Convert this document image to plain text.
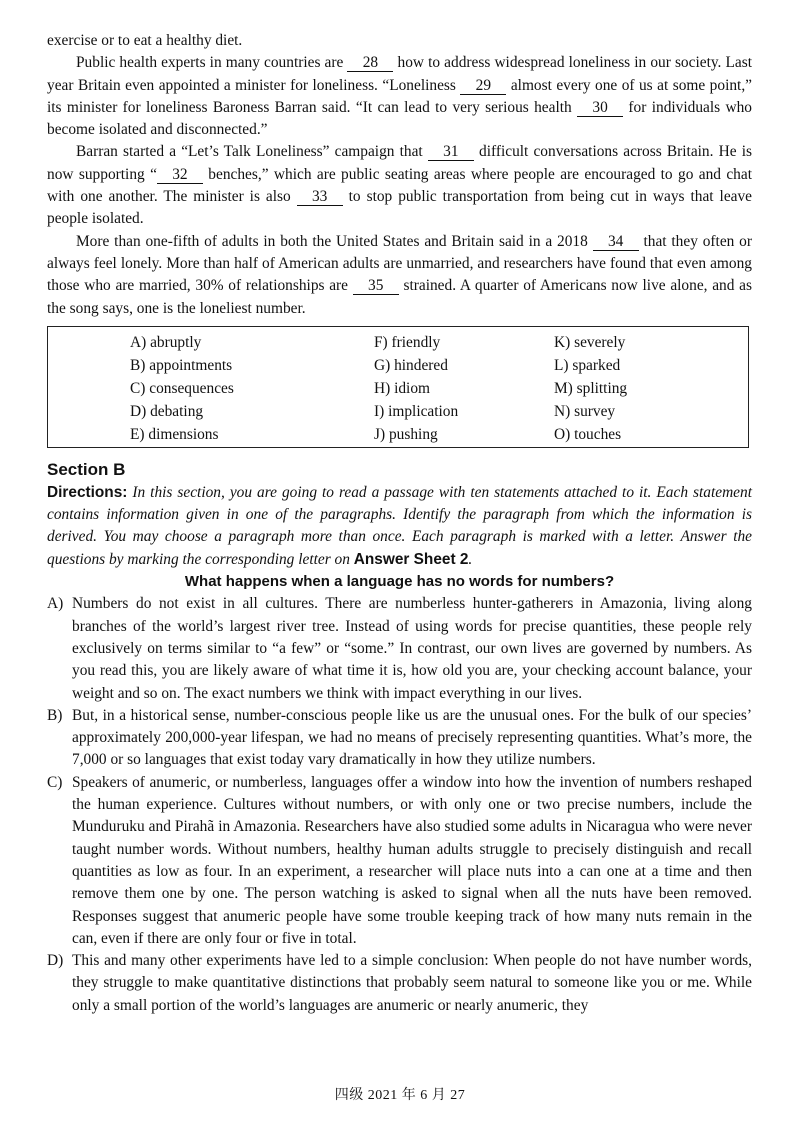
exercise or to eat a healthy diet.

Public health experts in many countries are 28 how to address widespread loneliness in our society. Last year Britain even appointed a minister for loneliness. “Loneliness 29 almost every one of us at some point,” its minister for loneliness Baroness Barran said. “It can lead to very serious health 30 for individuals who become isolated and disconnected.”

Barran started a “Let’s Talk Loneliness” campaign that 31 difficult conversations across Britain. He is now supporting “ 32 benches,” which are public seating areas where people are encouraged to go and chat with one another. The minister is also 33 to stop public transportation from being cut in ways that leave people isolated.

More than one-fifth of adults in both the United States and Britain said in a 2018 34 that they often or always feel lonely. More than half of American adults are unmarried, and researchers have found that even among those who are married, 30% of relationships are 35 strained. A quarter of Americans now live alone, and as the song says, one is the loneliest number.

A) abruptly
B) appointments
C) consequences
D) debating
E) dimensions
F) friendly
G) hindered
H) idiom
I) implication
J) pushing
K) severely
L) sparked
M) splitting
N) survey
O) touches
Section B

Directions: In this section, you are going to read a passage with ten statements attached to it. Each statement contains information given in one of the paragraphs. Identify the paragraph from which the information is derived. You may choose a paragraph more than once. Each paragraph is marked with a letter. Answer the questions by marking the corresponding letter on Answer Sheet 2.

What happens when a language has no words for numbers?
A) Numbers do not exist in all cultures. There are numberless hunter-gatherers in Amazonia, living along branches of the world’s largest river tree. Instead of using words for precise quantities, these people rely exclusively on terms similar to “a few” or “some.” In contrast, our own lives are governed by numbers. As you read this, you are likely aware of what time it is, how old you are, your checking account balance, your weight and so on. The exact numbers we think with impact everything in our lives.
B) But, in a historical sense, number-conscious people like us are the unusual ones. For the bulk of our species’ approximately 200,000-year lifespan, we had no means of precisely representing quantities. What’s more, the 7,000 or so languages that exist today vary dramatically in how they utilize numbers.
C) Speakers of anumeric, or numberless, languages offer a window into how the invention of numbers reshaped the human experience. Cultures without numbers, or with only one or two precise numbers, include the Munduruku and Pirahã in Amazonia. Researchers have also studied some adults in Nicaragua who were never taught number words. Without numbers, healthy human adults struggle to precisely distinguish and recall quantities as low as four. In an experiment, a researcher will place nuts into a can one at a time and then remove them one by one. The person watching is asked to signal when all the nuts have been removed. Responses suggest that anumeric people have some trouble keeping track of how many nuts remain in the can, even if there are only four or five in total.
D) This and many other experiments have led to a simple conclusion: When people do not have number words, they struggle to make quantitative distinctions that probably seem natural to someone like you or me. While only a small portion of the world’s languages are anumeric or nearly anumeric, they
四级 2021 年 6 月 27
